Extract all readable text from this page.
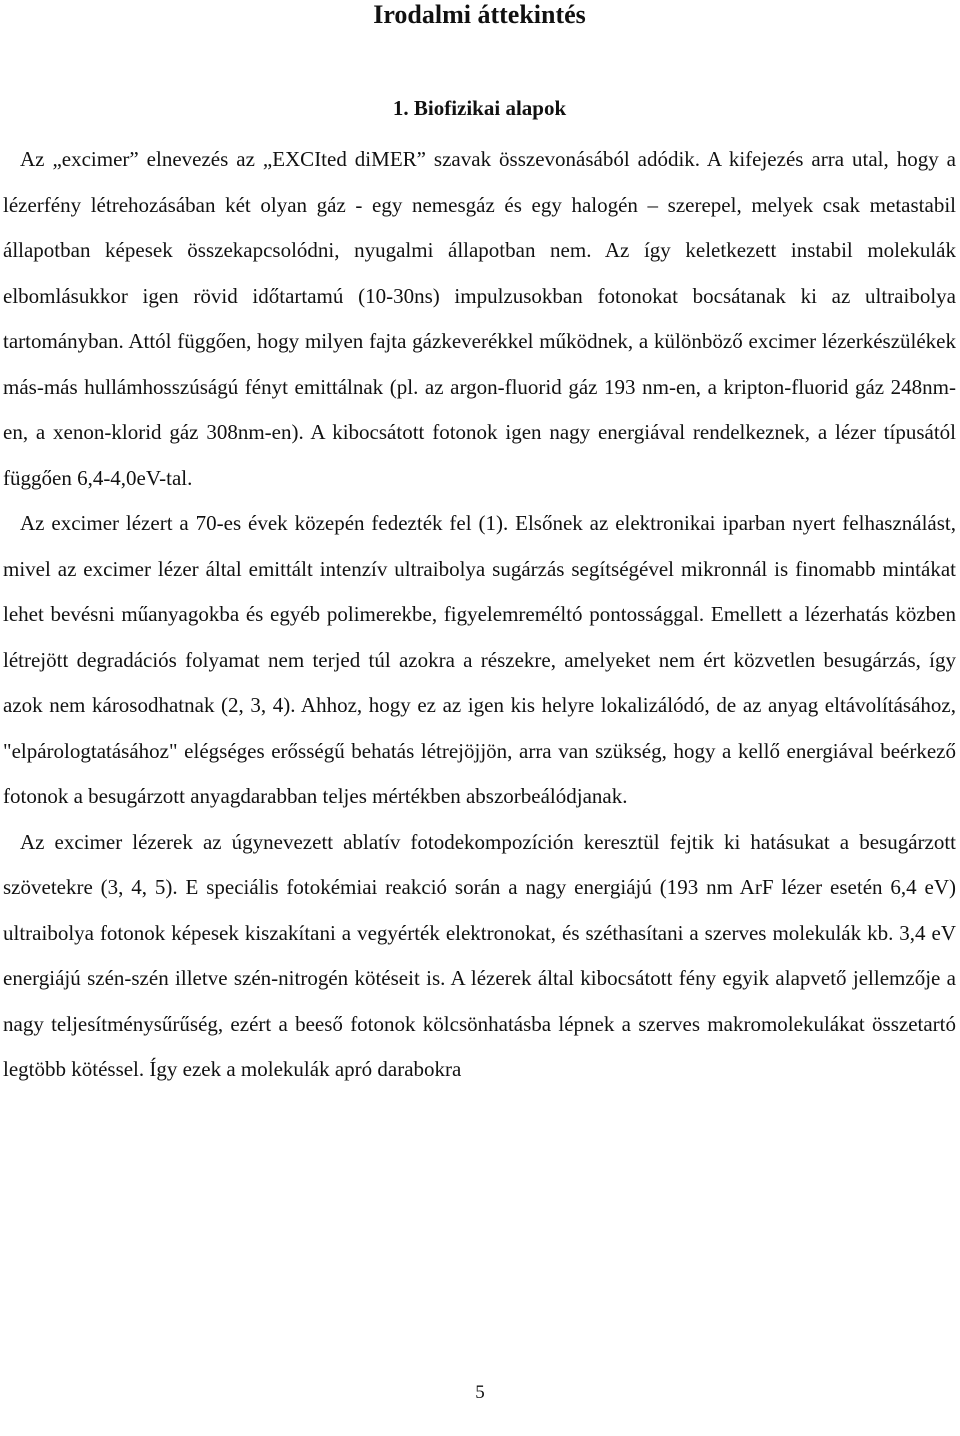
Irodalmi áttekintés
1. Biofizikai alapok

Az „excimer” elnevezés az „EXCIted diMER” szavak összevonásából adódik. A kifejezés arra utal, hogy a lézerfény létrehozásában két olyan gáz - egy nemesgáz és egy halogén – szerepel, melyek csak metastabil állapotban képesek összekapcsolódni, nyugalmi állapotban nem. Az így keletkezett instabil molekulák elbomlásukkor igen rövid időtartamú (10-30ns) impulzusokban fotonokat bocsátanak ki az ultraibolya tartományban. Attól függően, hogy milyen fajta gázkeverékkel működnek, a különböző excimer lézerkészülékek más-más hullámhosszúságú fényt emittálnak (pl. az argon-fluorid gáz 193 nm-en, a kripton-fluorid gáz 248nm-en, a xenon-klorid gáz 308nm-en). A kibocsátott fotonok igen nagy energiával rendelkeznek, a lézer típusától függően 6,4-4,0eV-tal.

Az excimer lézert a 70-es évek közepén fedezték fel (1). Elsőnek az elektronikai iparban nyert felhasználást, mivel az excimer lézer által emittált intenzív ultraibolya sugárzás segítségével mikronnál is finomabb mintákat lehet bevésni műanyagokba és egyéb polimerekbe, figyelemreméltó pontossággal. Emellett a lézerhatás közben létrejött degradációs folyamat nem terjed túl azokra a részekre, amelyeket nem ért közvetlen besugárzás, így azok nem károsodhatnak (2, 3, 4). Ahhoz, hogy ez az igen kis helyre lokalizálódó, de az anyag eltávolításához, "elpárologtatásához" elégséges erősségű behatás létrejöjjön, arra van szükség, hogy a kellő energiával beérkező fotonok a besugárzott anyagdarabban teljes mértékben abszorbeálódjanak.

Az excimer lézerek az úgynevezett ablatív fotodekompozíción keresztül fejtik ki hatásukat a besugárzott szövetekre (3, 4, 5). E speciális fotokémiai reakció során a nagy energiájú (193 nm ArF lézer esetén 6,4 eV) ultraibolya fotonok képesek kiszakítani a vegyérték elektronokat, és széthasítani a szerves molekulák kb. 3,4 eV energiájú szén-szén illetve szén-nitrogén kötéseit is. A lézerek által kibocsátott fény egyik alapvető jellemzője a nagy teljesítménysűrűség, ezért a beeső fotonok kölcsönhatásba lépnek a szerves makromolekulákat összetartó legtöbb kötéssel. Így ezek a molekulák apró darabokra

5
